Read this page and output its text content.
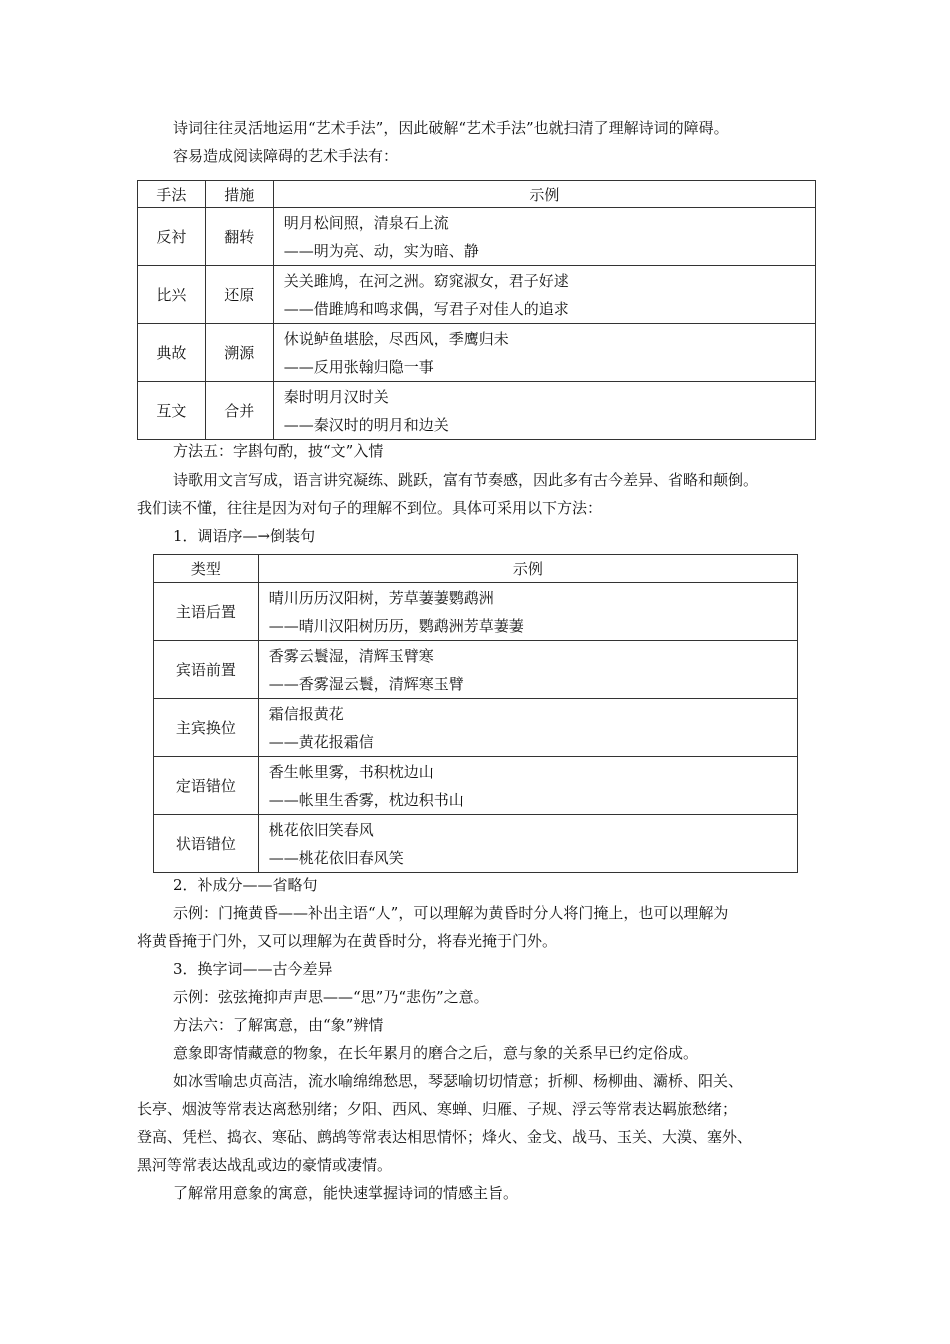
诗词往往灵活地运用“艺术手法”，因此破解“艺术手法”也就扫清了理解诗词的障碍。
容易造成阅读障碍的艺术手法有：
手法	措施	示例
反衬	翻转	明月松间照，清泉石上流
——明为亮、动，实为暗、静

比兴	还原	关关雎鸠，在河之洲。窈窕淑女，君子好逑
——借雎鸠和鸣求偶，写君子对佳人的追求

典故	溯源	休说鲈鱼堪脍，尽西风，季鹰归未
——反用张翰归隐一事

互文	合并	秦时明月汉时关
——秦汉时的明月和边关
方法五：字斟句酌，披“文”入情
诗歌用文言写成，语言讲究凝练、跳跃，富有节奏感，因此多有古今差异、省略和颠倒。
我们读不懂，往往是因为对句子的理解不到位。具体可采用以下方法：
1．调语序—→倒装句
类型	示例
主语后置	晴川历历汉阳树，芳草萋萋鹦鹉洲
——晴川汉阳树历历，鹦鹉洲芳草萋萋

宾语前置	香雾云鬟湿，清辉玉臂寒
——香雾湿云鬟，清辉寒玉臂

主宾换位	霜信报黄花
——黄花报霜信

定语错位	香生帐里雾，书积枕边山
——帐里生香雾，枕边积书山

状语错位	桃花依旧笑春风
——桃花依旧春风笑
2．补成分——省略句
示例：门掩黄昏——补出主语“人”，可以理解为黄昏时分人将门掩上，也可以理解为
将黄昏掩于门外，又可以理解为在黄昏时分，将春光掩于门外。
3．换字词——古今差异
示例：弦弦掩抑声声思——“思”乃“悲伤”之意。
方法六：了解寓意，由“象”辨情
意象即寄情藏意的物象，在长年累月的磨合之后，意与象的关系早已约定俗成。
如冰雪喻忠贞高洁，流水喻绵绵愁思，琴瑟喻切切情意；折柳、杨柳曲、灞桥、阳关、
长亭、烟波等常表达离愁别绪；夕阳、西风、寒蝉、归雁、子规、浮云等常表达羁旅愁绪；
登高、凭栏、捣衣、寒砧、鹧鸪等常表达相思情怀；烽火、金戈、战马、玉关、大漠、塞外、
黑河等常表达战乱或边的豪情或凄情。
了解常用意象的寓意，能快速掌握诗词的情感主旨。
